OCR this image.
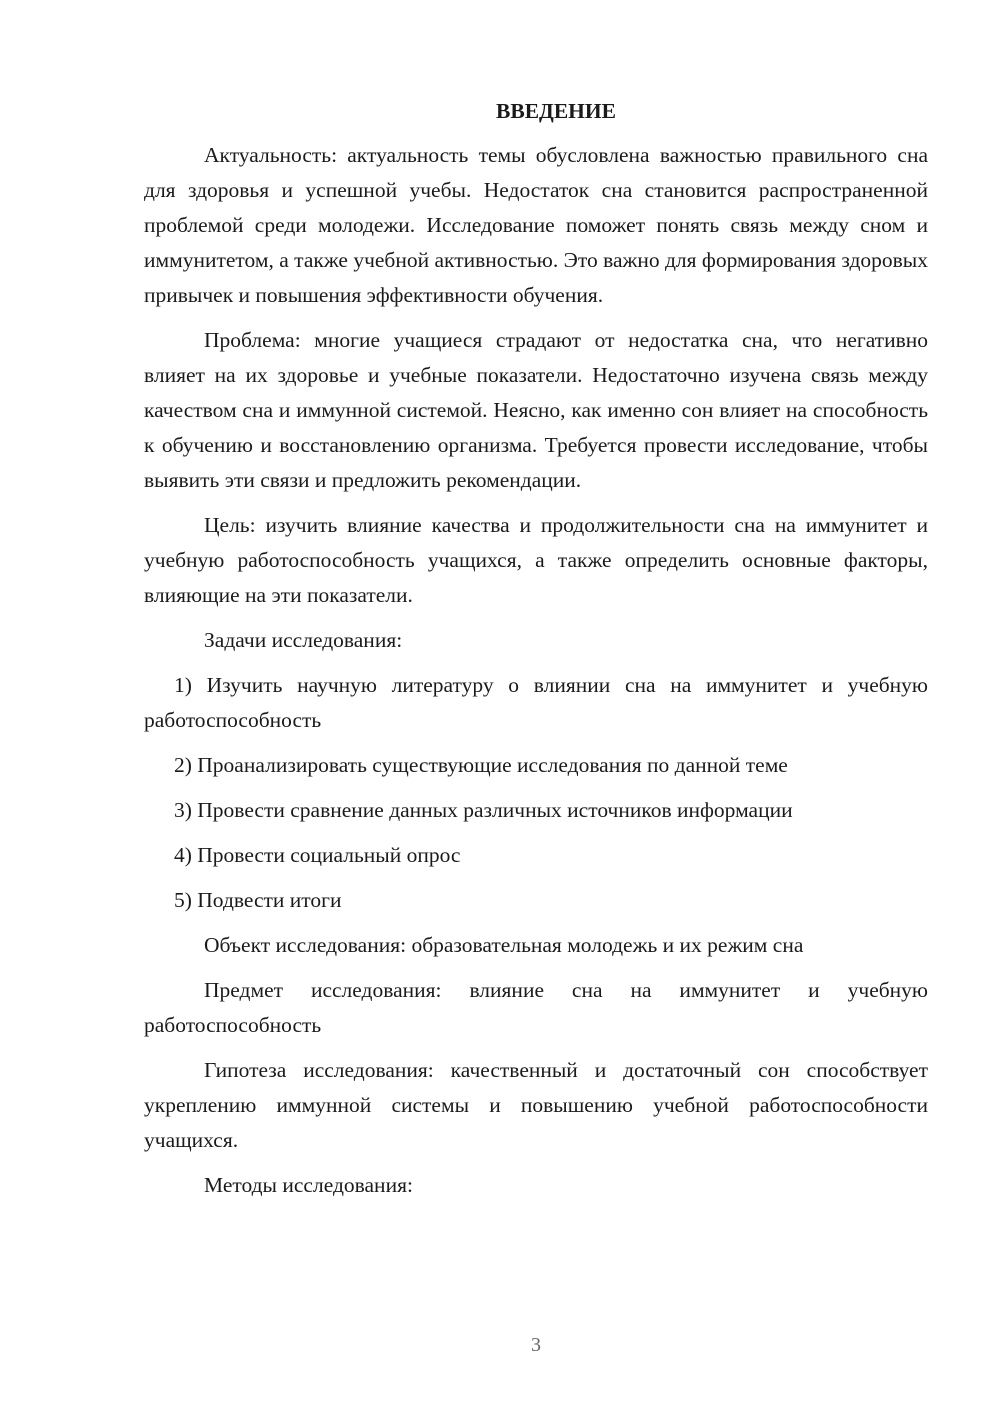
ВВЕДЕНИЕ

Актуальность: актуальность темы обусловлена важностью правильного сна для здоровья и успешной учебы. Недостаток сна становится распространенной проблемой среди молодежи. Исследование поможет понять связь между сном и иммунитетом, а также учебной активностью. Это важно для формирования здоровых привычек и повышения эффективности обучения.

Проблема: многие учащиеся страдают от недостатка сна, что негативно влияет на их здоровье и учебные показатели. Недостаточно изучена связь между качеством сна и иммунной системой. Неясно, как именно сон влияет на способность к обучению и восстановлению организма. Требуется провести исследование, чтобы выявить эти связи и предложить рекомендации.

Цель: изучить влияние качества и продолжительности сна на иммунитет и учебную работоспособность учащихся, а также определить основные факторы, влияющие на эти показатели.

Задачи исследования:

1) Изучить научную литературу о влиянии сна на иммунитет и учебную работоспособность

2) Проанализировать существующие исследования по данной теме

3) Провести сравнение данных различных источников информации

4) Провести социальный опрос

5) Подвести итоги

Объект исследования: образовательная молодежь и их режим сна

Предмет исследования: влияние сна на иммунитет и учебную работоспособность

Гипотеза исследования: качественный и достаточный сон способствует укреплению иммунной системы и повышению учебной работоспособности учащихся.

Методы исследования:

3
